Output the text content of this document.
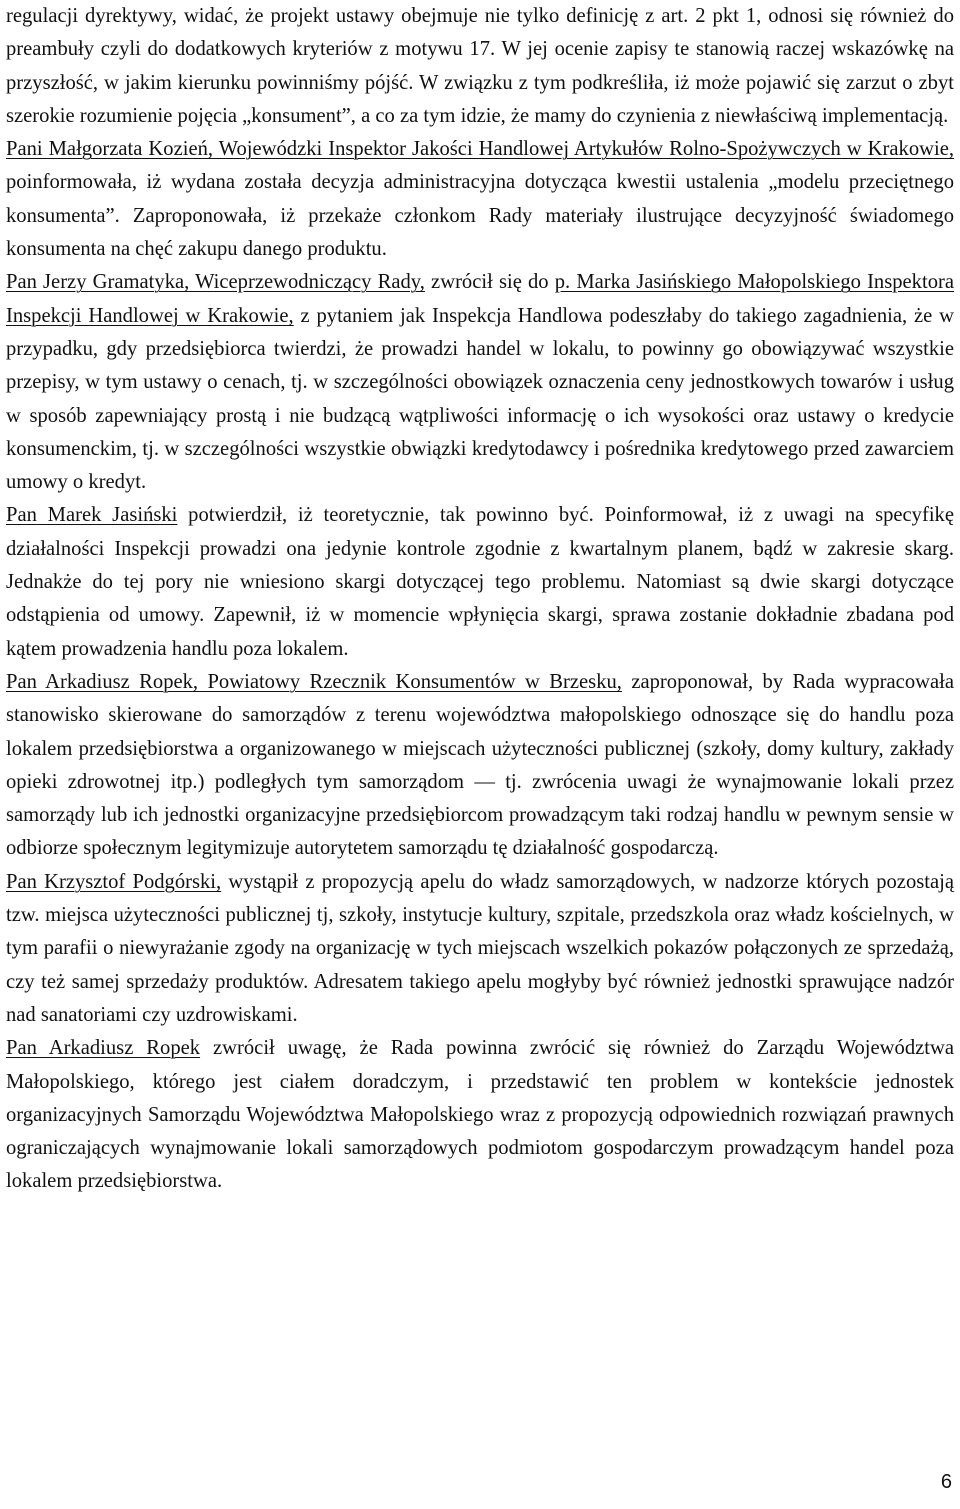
regulacji dyrektywy, widać, że projekt ustawy obejmuje nie tylko definicję z art. 2 pkt 1, odnosi się również do preambuły czyli do dodatkowych kryteriów z motywu 17. W jej ocenie zapisy te stanowią raczej wskazówkę na przyszłość, w jakim kierunku powinniśmy pójść. W związku z tym podkreśliła, iż może pojawić się zarzut o zbyt szerokie rozumienie pojęcia „konsument”, a co za tym idzie, że mamy do czynienia z niewłaściwą implementacją.

Pani Małgorzata Kozień, Wojewódzki Inspektor Jakości Handlowej Artykułów Rolno-Spożywczych w Krakowie, poinformowała, iż wydana została decyzja administracyjna dotycząca kwestii ustalenia „modelu przeciętnego konsumenta”. Zaproponowała, iż przekaże członkom Rady materiały ilustrujące decyzyjność świadomego konsumenta na chęć zakupu danego produktu.

Pan Jerzy Gramatyka, Wiceprzewodniczący Rady, zwrócił się do p. Marka Jasińskiego Małopolskiego Inspektora Inspekcji Handlowej w Krakowie, z pytaniem jak Inspekcja Handlowa podeszłaby do takiego zagadnienia, że w przypadku, gdy przedsiębiorca twierdzi, że prowadzi handel w lokalu, to powinny go obowiązywać wszystkie przepisy, w tym ustawy o cenach, tj. w szczególności obowiązek oznaczenia ceny jednostkowych towarów i usług w sposób zapewniający prostą i nie budzącą wątpliwości informację o ich wysokości oraz ustawy o kredycie konsumenckim, tj. w szczególności wszystkie obwiązki kredytodawcy i pośrednika kredytowego przed zawarciem umowy o kredyt.

Pan Marek Jasiński potwierdził, iż teoretycznie, tak powinno być. Poinformował, iż z uwagi na specyfikę działalności Inspekcji prowadzi ona jedynie kontrole zgodnie z kwartalnym planem, bądź w zakresie skarg. Jednakże do tej pory nie wniesiono skargi dotyczącej tego problemu. Natomiast są dwie skargi dotyczące odstąpienia od umowy. Zapewnił, iż w momencie wpłynięcia skargi, sprawa zostanie dokładnie zbadana pod kątem prowadzenia handlu poza lokalem.

Pan Arkadiusz Ropek, Powiatowy Rzecznik Konsumentów w Brzesku, zaproponował, by Rada wypracowała stanowisko skierowane do samorządów z terenu województwa małopolskiego odnoszące się do handlu poza lokalem przedsiębiorstwa a organizowanego w miejscach użyteczności publicznej (szkoły, domy kultury, zakłady opieki zdrowotnej itp.) podległych tym samorządom — tj. zwrócenia uwagi że wynajmowanie lokali przez samorządy lub ich jednostki organizacyjne przedsiębiorcom prowadzącym taki rodzaj handlu w pewnym sensie w odbiorze społecznym legitymizuje autorytetem samorządu tę działalność gospodarczą.

Pan Krzysztof Podgórski, wystąpił z propozycją apelu do władz samorządowych, w nadzorze których pozostają tzw. miejsca użyteczności publicznej tj, szkoły, instytucje kultury, szpitale, przedszkola oraz władz kościelnych, w tym parafii o niewyrażanie zgody na organizację w tych miejscach wszelkich pokazów połączonych ze sprzedażą, czy też samej sprzedaży produktów. Adresatem takiego apelu mogłyby być również jednostki sprawujące nadzór nad sanatoriami czy uzdrowiskami.

Pan Arkadiusz Ropek zwrócił uwagę, że Rada powinna zwrócić się również do Zarządu Województwa Małopolskiego, którego jest ciałem doradczym, i przedstawić ten problem w kontekście jednostek organizacyjnych Samorządu Województwa Małopolskiego wraz z propozycją odpowiednich rozwiązań prawnych ograniczających wynajmowanie lokali samorządowych podmiotom gospodarczym prowadzącym handel poza lokalem przedsiębiorstwa.

6
